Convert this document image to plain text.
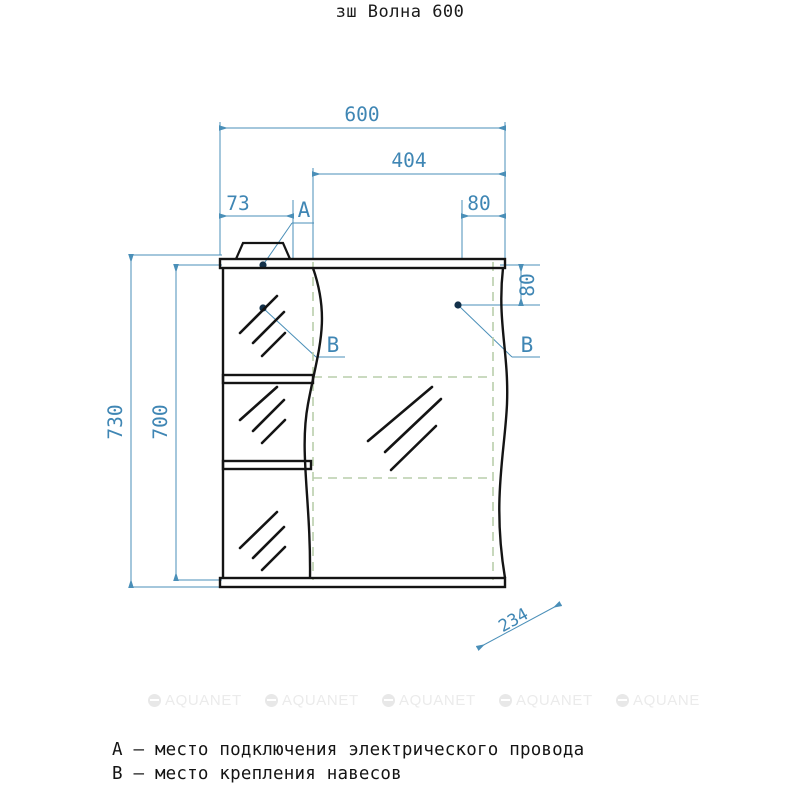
зш Волна 600
600
404
73	80
730 700
80
234
A
B	B
AQUANET	AQUANET	AQUANET	AQUANET	AQUANE
A – место подключения электрического провода
B – место крепления навесов
